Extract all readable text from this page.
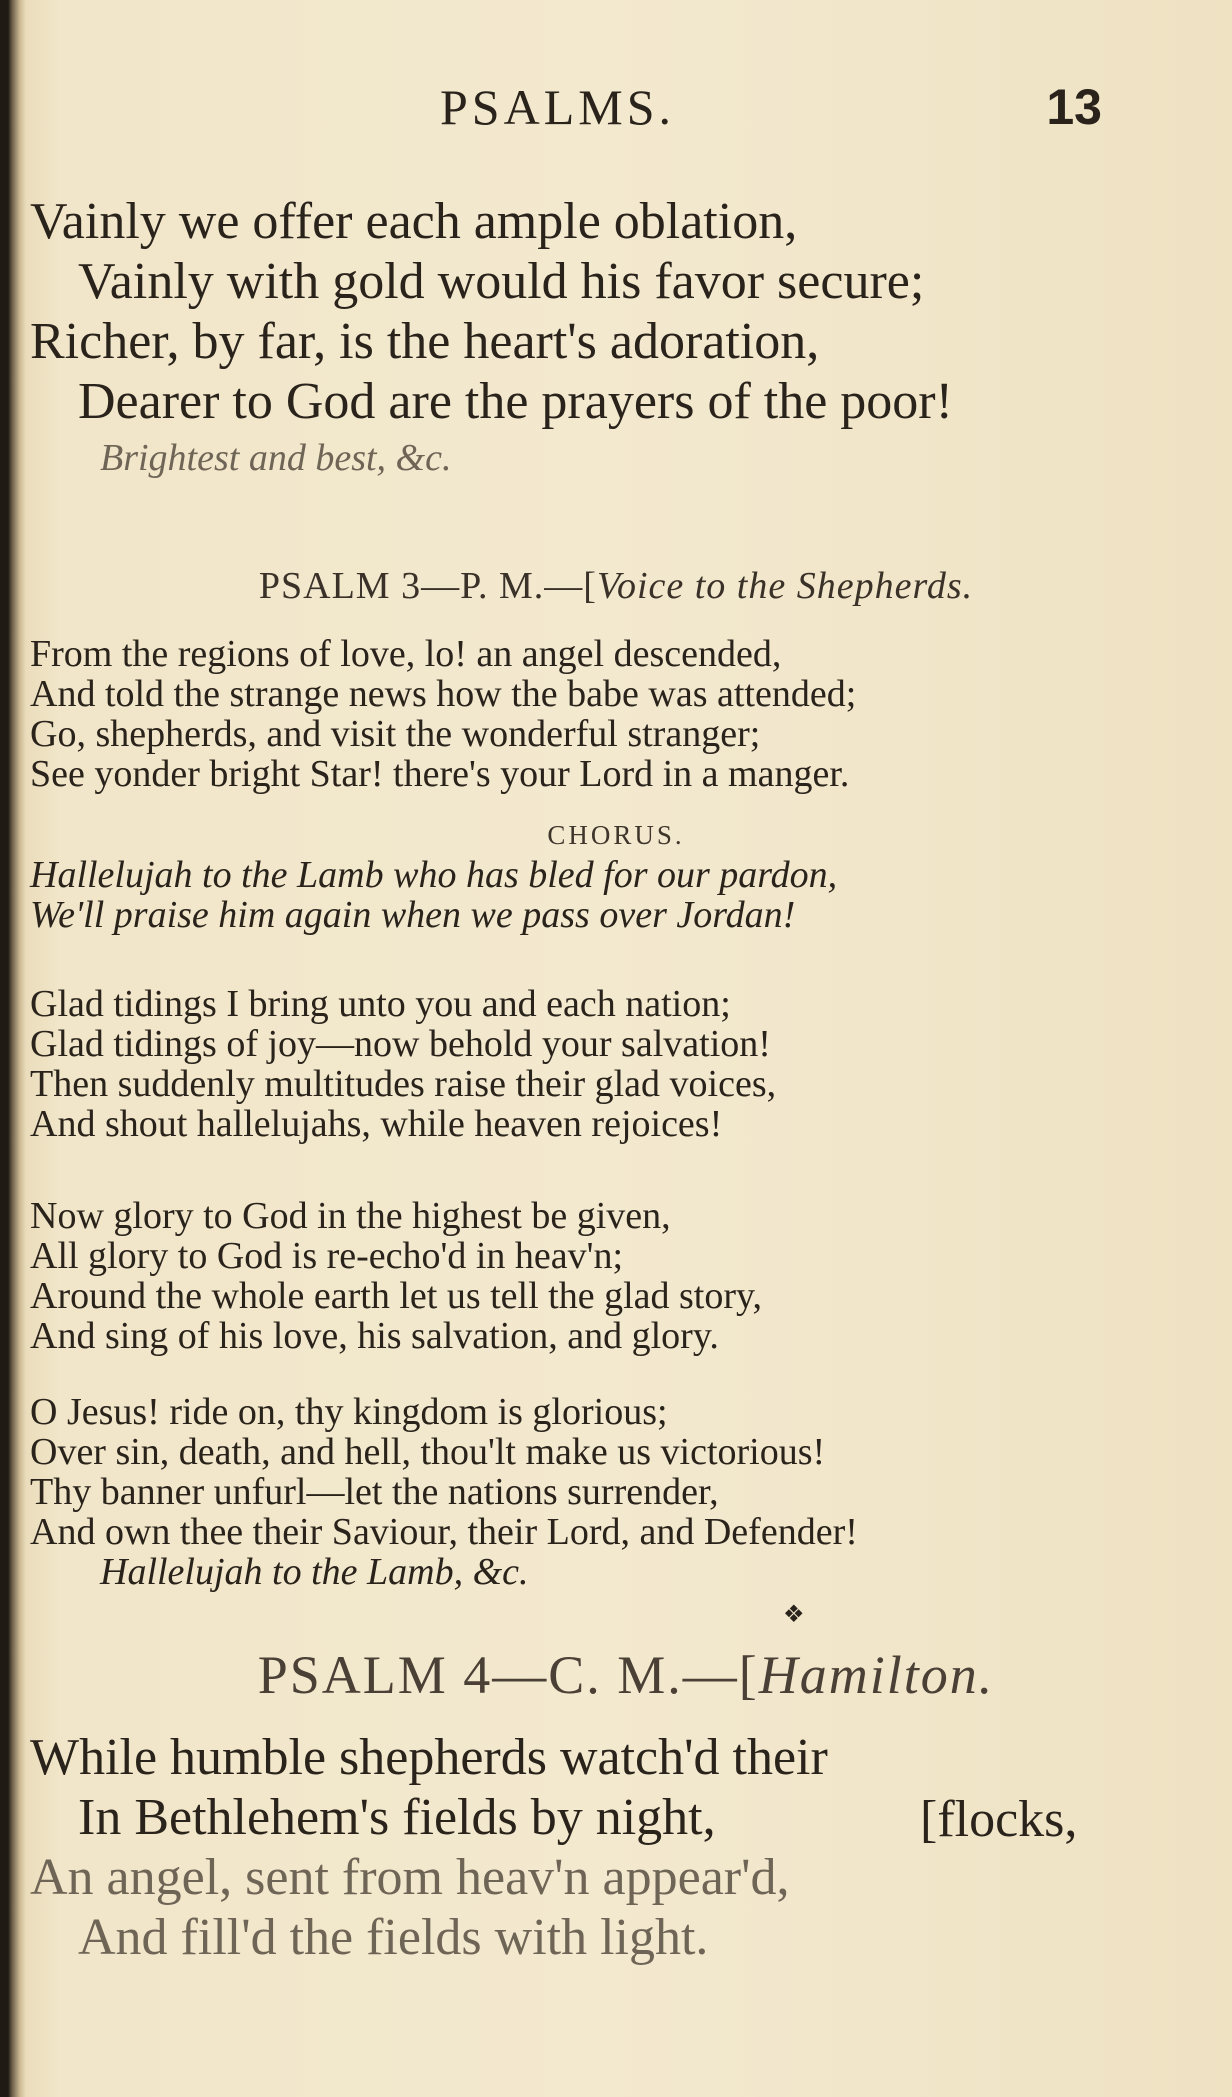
PSALMS.	13
Vainly we offer each ample oblation,
Vainly with gold would his favor secure;
Richer, by far, is the heart's adoration,
Dearer to God are the prayers of the poor!
Brightest and best, &c.
PSALM 3—P. M.—[Voice to the Shepherds.
From the regions of love, lo! an angel descended,
And told the strange news how the babe was attended;
Go, shepherds, and visit the wonderful stranger;
See yonder bright Star! there's your Lord in a manger.
CHORUS.
Hallelujah to the Lamb who has bled for our pardon,
We'll praise him again when we pass over Jordan!
Glad tidings I bring unto you and each nation;
Glad tidings of joy—now behold your salvation!
Then suddenly multitudes raise their glad voices,
And shout hallelujahs, while heaven rejoices!
Now glory to God in the highest be given,
All glory to God is re-echo'd in heav'n;
Around the whole earth let us tell the glad story,
And sing of his love, his salvation, and glory.
O Jesus! ride on, thy kingdom is glorious;
Over sin, death, and hell, thou'lt make us victorious!
Thy banner unfurl—let the nations surrender,
And own thee their Saviour, their Lord, and Defender!
Hallelujah to the Lamb, &c.
❖
PSALM 4—C. M.—[Hamilton.
While humble shepherds watch'd their
In Bethlehem's fields by night,
An angel, sent from heav'n appear'd,
And fill'd the fields with light.
[flocks,
